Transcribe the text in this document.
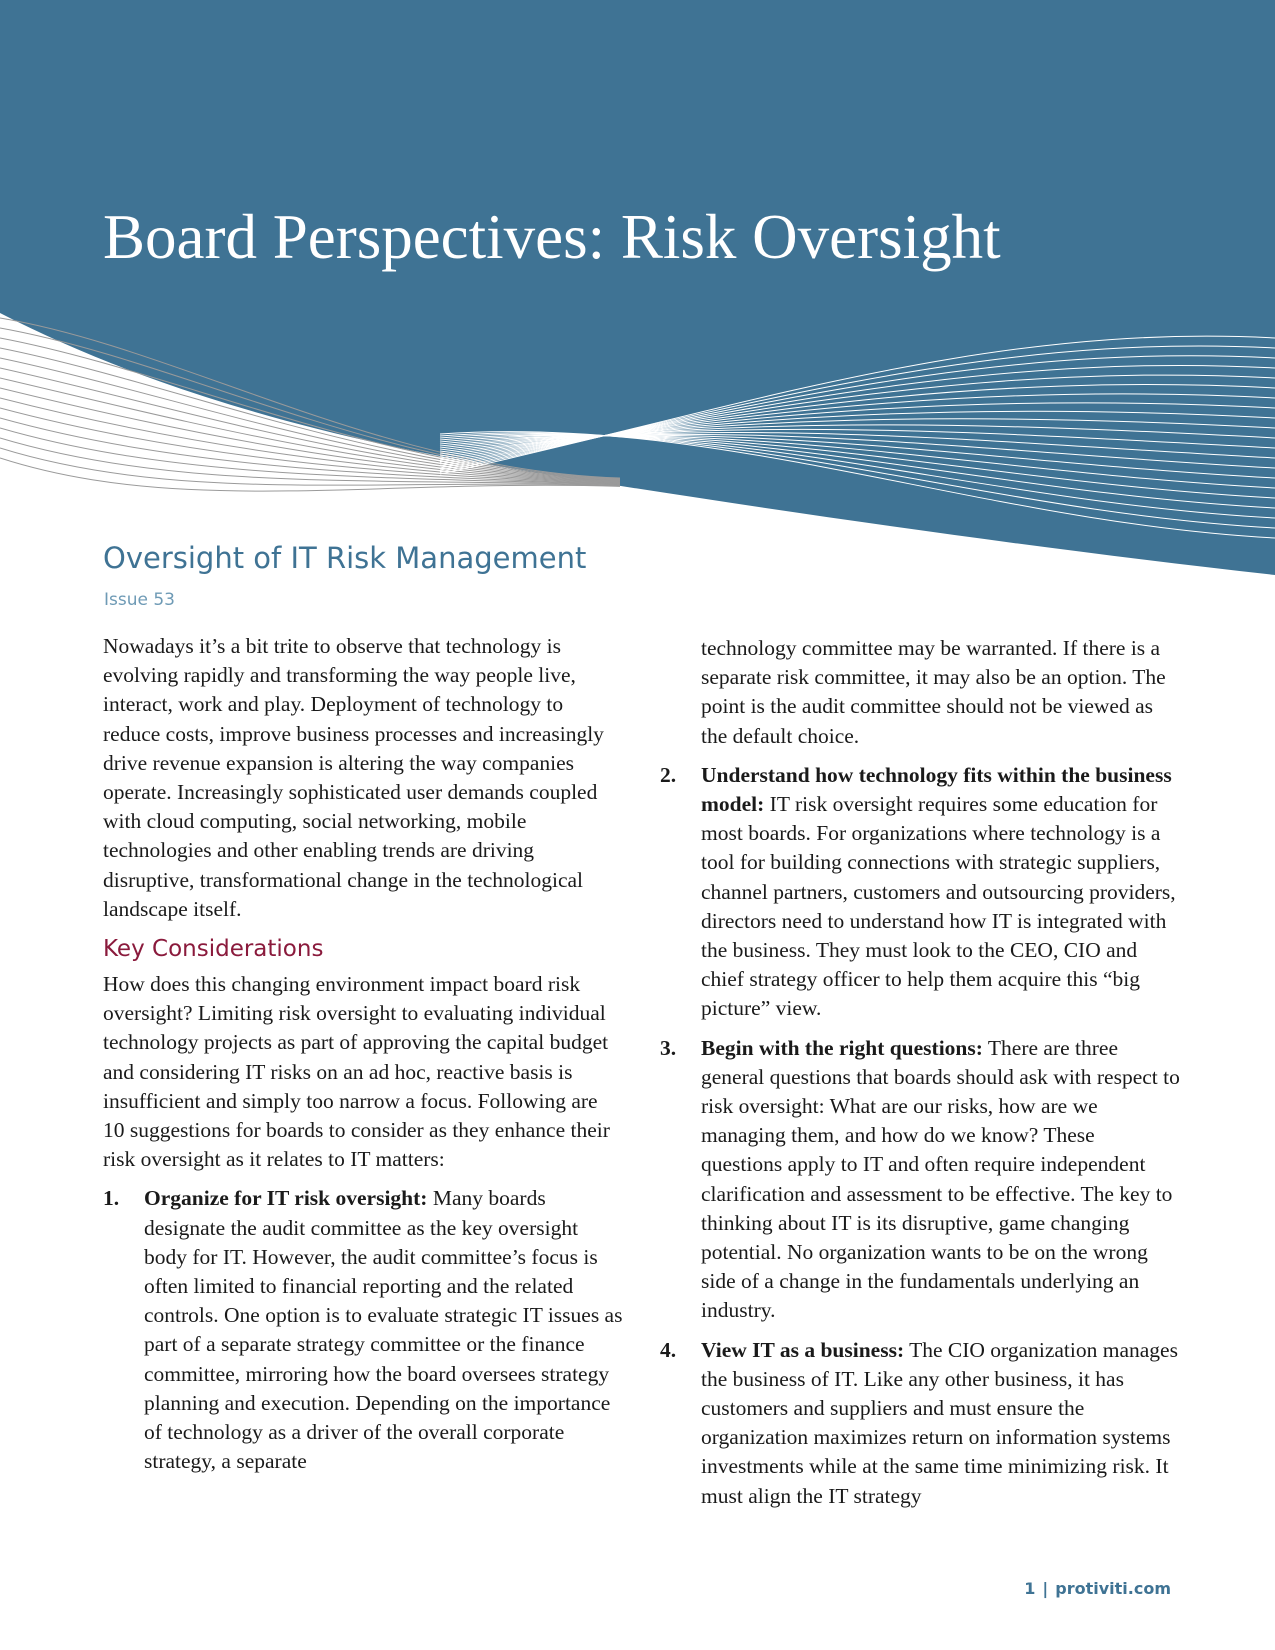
Board Perspectives: Risk Oversight
Oversight of IT Risk Management
Issue 53

Nowadays it’s a bit trite to observe that technology is evolving rapidly and transforming the way people live, interact, work and play. Deployment of technology to reduce costs, improve business processes and increasingly drive revenue expansion is altering the way companies operate. Increasingly sophisticated user demands coupled with cloud computing, social networking, mobile technologies and other enabling trends are driving disruptive, transformational change in the technological landscape itself.

Key Considerations

How does this changing environment impact board risk oversight? Limiting risk oversight to evaluating individual technology projects as part of approving the capital budget and considering IT risks on an ad hoc, reactive basis is insufficient and simply too narrow a focus. Following are 10 suggestions for boards to consider as they enhance their risk oversight as it relates to IT matters:

1. Organize for IT risk oversight: Many boards designate the audit committee as the key oversight body for IT. However, the audit committee’s focus is often limited to financial reporting and the related controls. One option is to evaluate strategic IT issues as part of a separate strategy committee or the finance committee, mirroring how the board oversees strategy planning and execution. Depending on the importance of technology as a driver of the overall corporate strategy, a separate

technology committee may be warranted. If there is a separate risk committee, it may also be an option. The point is the audit committee should not be viewed as the default choice.

2. Understand how technology fits within the business model: IT risk oversight requires some education for most boards. For organizations where technology is a tool for building connections with strategic suppliers, channel partners, customers and outsourcing providers, directors need to understand how IT is integrated with the business. They must look to the CEO, CIO and chief strategy officer to help them acquire this “big picture” view.
3. Begin with the right questions: There are three general questions that boards should ask with respect to risk oversight: What are our risks, how are we managing them, and how do we know? These questions apply to IT and often require independent clarification and assessment to be effective. The key to thinking about IT is its disruptive, game changing potential. No organization wants to be on the wrong side of a change in the fundamentals underlying an industry.
4. View IT as a business: The CIO organization manages the business of IT. Like any other business, it has customers and suppliers and must ensure the organization maximizes return on information systems investments while at the same time minimizing risk. It must align the IT strategy
1 | protiviti.com
